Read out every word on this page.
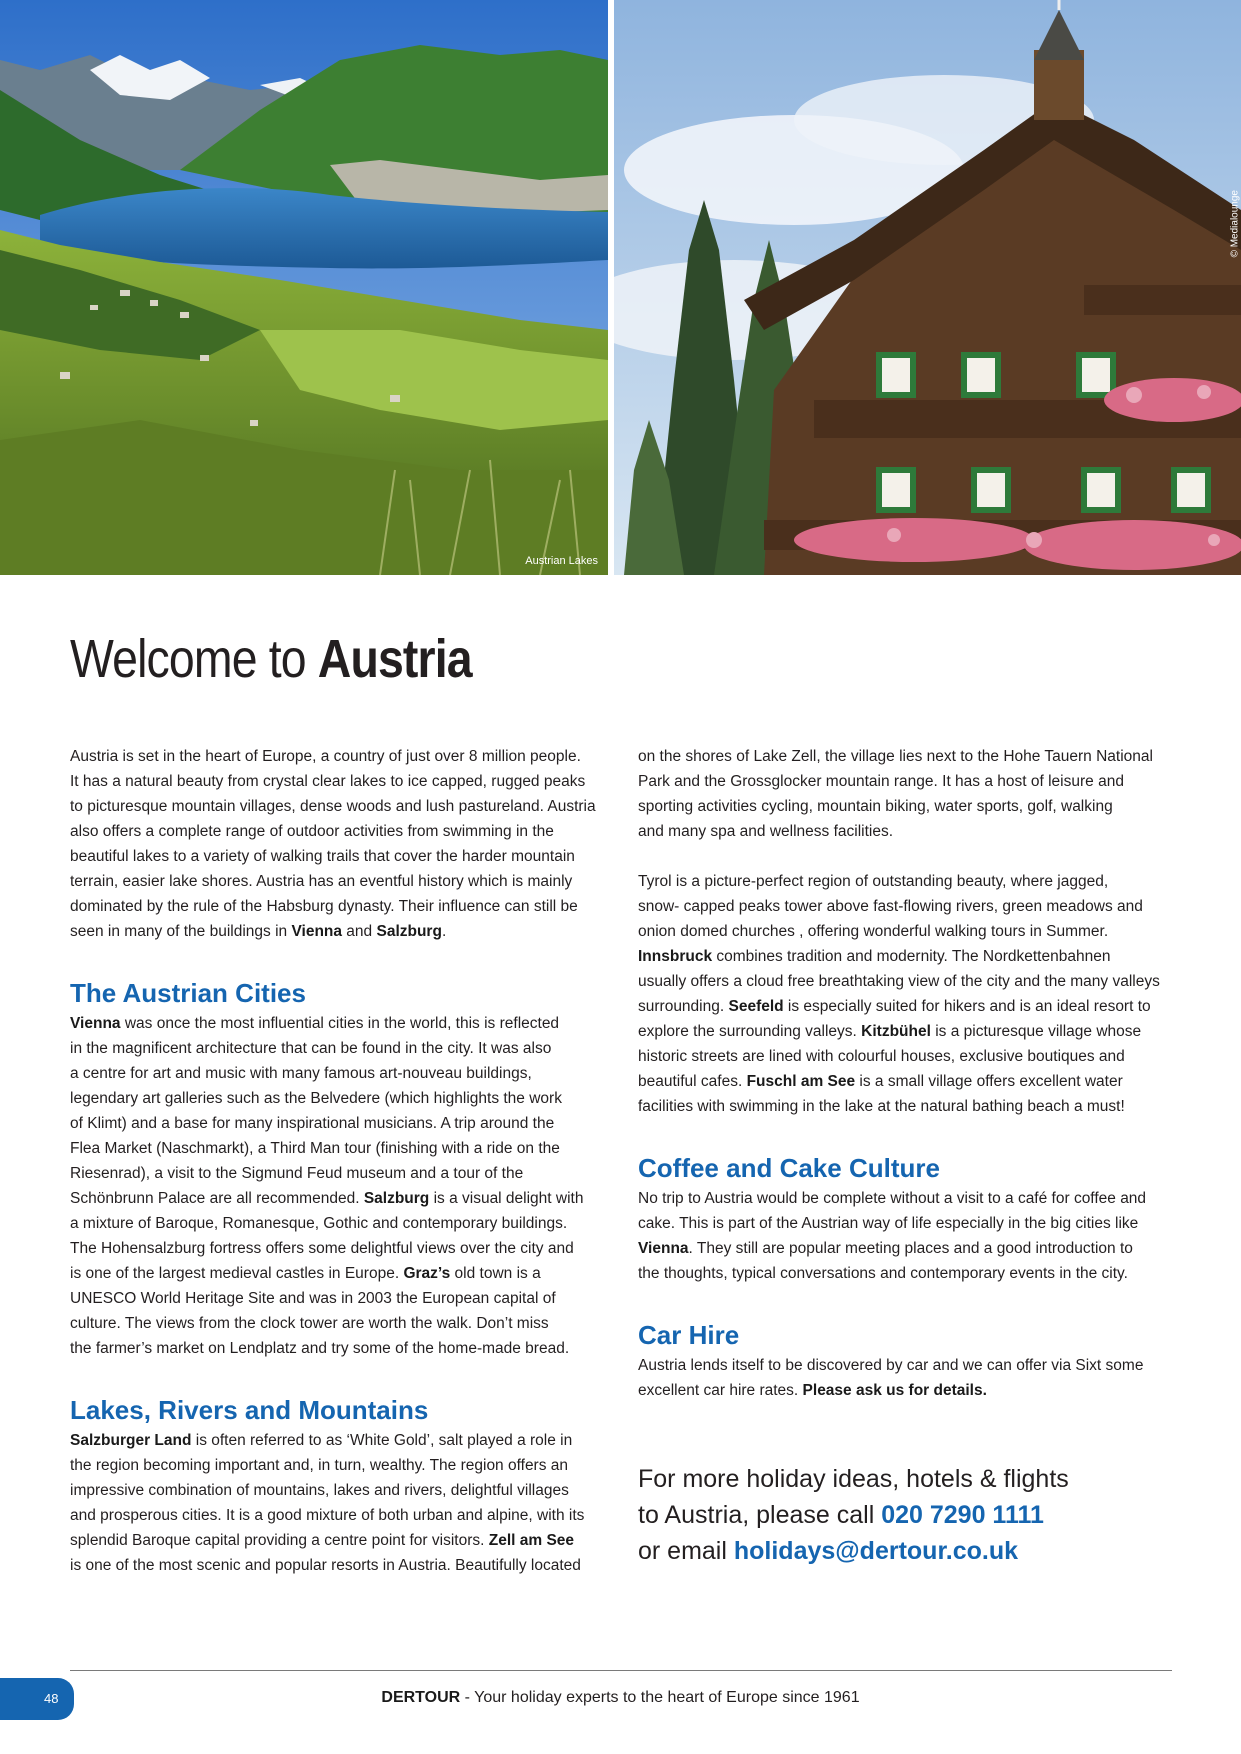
Austrian Lakes
© Medialounge
Welcome to Austria

Austria is set in the heart of Europe, a country of just over 8 million people.

It has a natural beauty from crystal clear lakes to ice capped, rugged peaks

to picturesque mountain villages, dense woods and lush pastureland. Austria

also offers a complete range of outdoor activities from swimming in the

beautiful lakes to a variety of walking trails that cover the harder mountain

terrain, easier lake shores. Austria has an eventful history which is mainly

dominated by the rule of the Habsburg dynasty. Their influence can still be

seen in many of the buildings in Vienna and Salzburg.

The Austrian Cities

Vienna was once the most influential cities in the world, this is reflected

in the magnificent architecture that can be found in the city. It was also

a centre for art and music with many famous art-nouveau buildings,

legendary art galleries such as the Belvedere (which highlights the work

of Klimt) and a base for many inspirational musicians. A trip around the

Flea Market (Naschmarkt), a Third Man tour (finishing with a ride on the

Riesenrad), a visit to the Sigmund Feud museum and a tour of the

Schönbrunn Palace are all recommended. Salzburg is a visual delight with

a mixture of Baroque, Romanesque, Gothic and contemporary buildings.

The Hohensalzburg fortress offers some delightful views over the city and

is one of the largest medieval castles in Europe. Graz’s old town is a

UNESCO World Heritage Site and was in 2003 the European capital of

culture. The views from the clock tower are worth the walk. Don’t miss

the farmer’s market on Lendplatz and try some of the home-made bread.

Lakes, Rivers and Mountains

Salzburger Land is often referred to as ‘White Gold’, salt played a role in

the region becoming important and, in turn, wealthy. The region offers an

impressive combination of mountains, lakes and rivers, delightful villages

and prosperous cities. It is a good mixture of both urban and alpine, with its

splendid Baroque capital providing a centre point for visitors. Zell am See

is one of the most scenic and popular resorts in Austria. Beautifully located

on the shores of Lake Zell, the village lies next to the Hohe Tauern National

Park and the Grossglocker mountain range. It has a host of leisure and

sporting activities cycling, mountain biking, water sports, golf, walking

and many spa and wellness facilities.

Tyrol is a picture-perfect region of outstanding beauty, where jagged,

snow- capped peaks tower above fast-flowing rivers, green meadows and

onion domed churches , offering wonderful walking tours in Summer.

Innsbruck combines tradition and modernity. The Nordkettenbahnen

usually offers a cloud free breathtaking view of the city and the many valleys

surrounding. Seefeld is especially suited for hikers and is an ideal resort to

explore the surrounding valleys. Kitzbühel is a picturesque village whose

historic streets are lined with colourful houses, exclusive boutiques and

beautiful cafes. Fuschl am See is a small village offers excellent water

facilities with swimming in the lake at the natural bathing beach a must!

Coffee and Cake Culture

No trip to Austria would be complete without a visit to a café for coffee and

cake. This is part of the Austrian way of life especially in the big cities like

Vienna. They still are popular meeting places and a good introduction to

the thoughts, typical conversations and contemporary events in the city.

Car Hire

Austria lends itself to be discovered by car and we can offer via Sixt some

excellent car hire rates. Please ask us for details.

For more holiday ideas, hotels & flights

to Austria, please call 020 7290 1111

or email holidays@dertour.co.uk

48	DERTOUR - Your holiday experts to the heart of Europe since 1961
